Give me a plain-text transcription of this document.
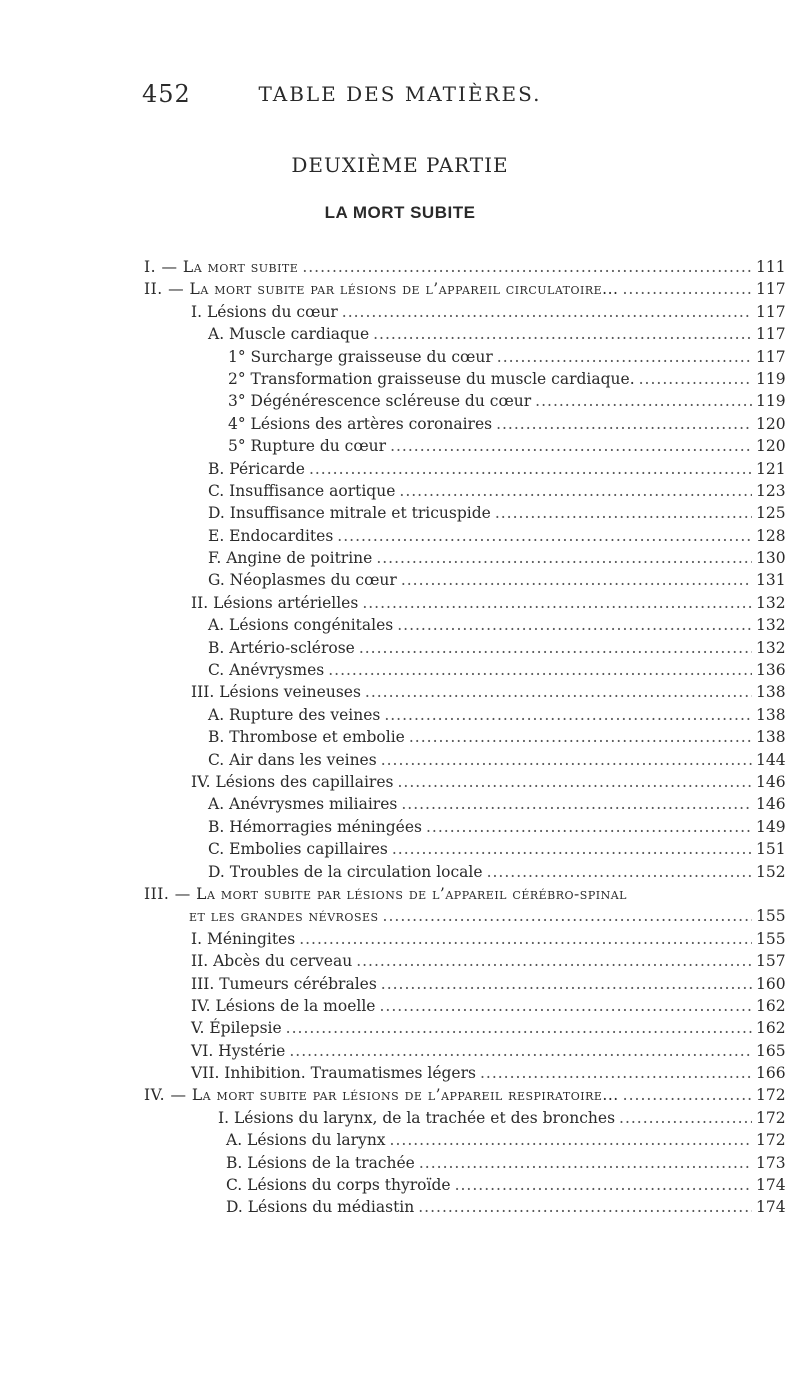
452	TABLE DES MATIÈRES.
DEUXIÈME PARTIE
LA MORT SUBITE
I. — La mort subite .....	111
II. — La mort subite par lésions de l’appareil circulatoire... .....	117
I. Lésions du cœur .....	117
A. Muscle cardiaque .....	117
1° Surcharge graisseuse du cœur .....	117
2° Transformation graisseuse du muscle cardiaque. .....	119
3° Dégénérescence scléreuse du cœur .....	119
4° Lésions des artères coronaires .....	120
5° Rupture du cœur .....	120
B. Péricarde .....	121
C. Insuffisance aortique .....	123
D. Insuffisance mitrale et tricuspide .....	125
E. Endocardites .....	128
F. Angine de poitrine .....	130
G. Néoplasmes du cœur .....	131
II. Lésions artérielles .....	132
A. Lésions congénitales .....	132
B. Artério-sclérose .....	132
C. Anévrysmes .....	136
III. Lésions veineuses .....	138
A. Rupture des veines .....	138
B. Thrombose et embolie .....	138
C. Air dans les veines .....	144
IV. Lésions des capillaires .....	146
A. Anévrysmes miliaires .....	146
B. Hémorragies méningées .....	149
C. Embolies capillaires .....	151
D. Troubles de la circulation locale .....	152
III. — La mort subite par lésions de l’appareil cérébro-spinal
et les grandes névroses .....	155
I. Méningites .....	155
II. Abcès du cerveau .....	157
III. Tumeurs cérébrales .....	160
IV. Lésions de la moelle .....	162
V. Épilepsie .....	162
VI. Hystérie .....	165
VII. Inhibition. Traumatismes légers .....	166
IV. — La mort subite par lésions de l’appareil respiratoire... .....	172
I. Lésions du larynx, de la trachée et des bronches .....	172
A. Lésions du larynx .....	172
B. Lésions de la trachée .....	173
C. Lésions du corps thyroïde .....	174
D. Lésions du médiastin .....	174
